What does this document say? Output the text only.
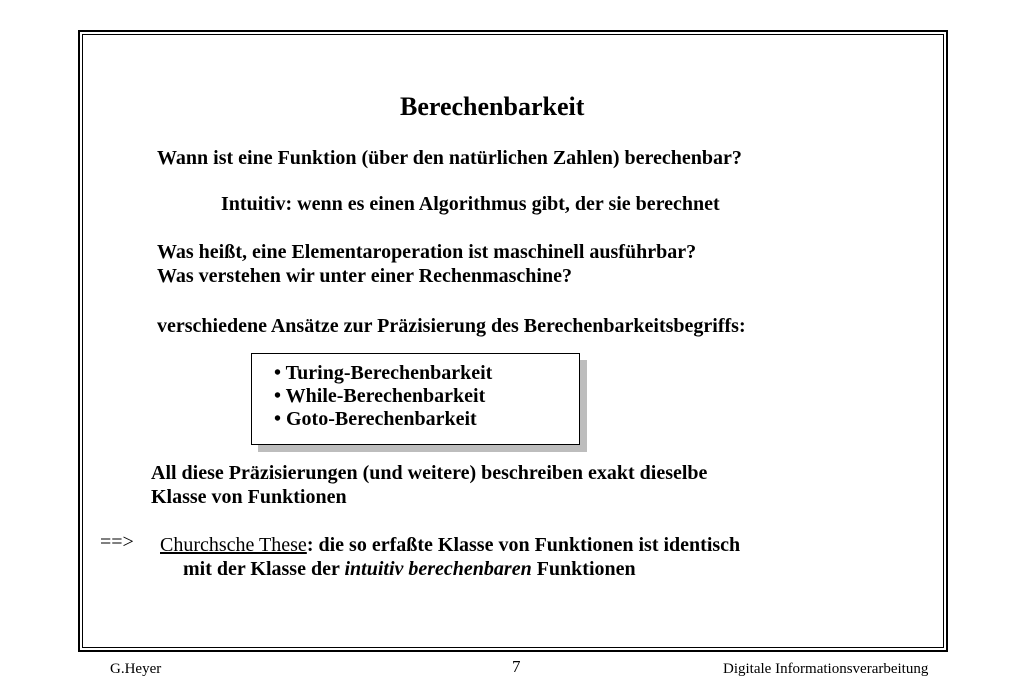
Berechenbarkeit
Wann ist eine Funktion (über den natürlichen Zahlen) berechenbar?
Intuitiv: wenn es einen Algorithmus gibt, der sie berechnet
Was heißt, eine Elementaroperation ist maschinell ausführbar?
Was verstehen wir unter einer Rechenmaschine?
verschiedene Ansätze zur Präzisierung des Berechenbarkeitsbegriffs:
• Turing-Berechenbarkeit
• While-Berechenbarkeit
• Goto-Berechenbarkeit
All diese Präzisierungen (und weitere) beschreiben exakt dieselbe
Klasse von Funktionen
==> Churchsche These: die so erfaßte Klasse von Funktionen ist identisch
mit der Klasse der intuitiv berechenbaren Funktionen
G.Heyer	7	Digitale Informationsverarbeitung
